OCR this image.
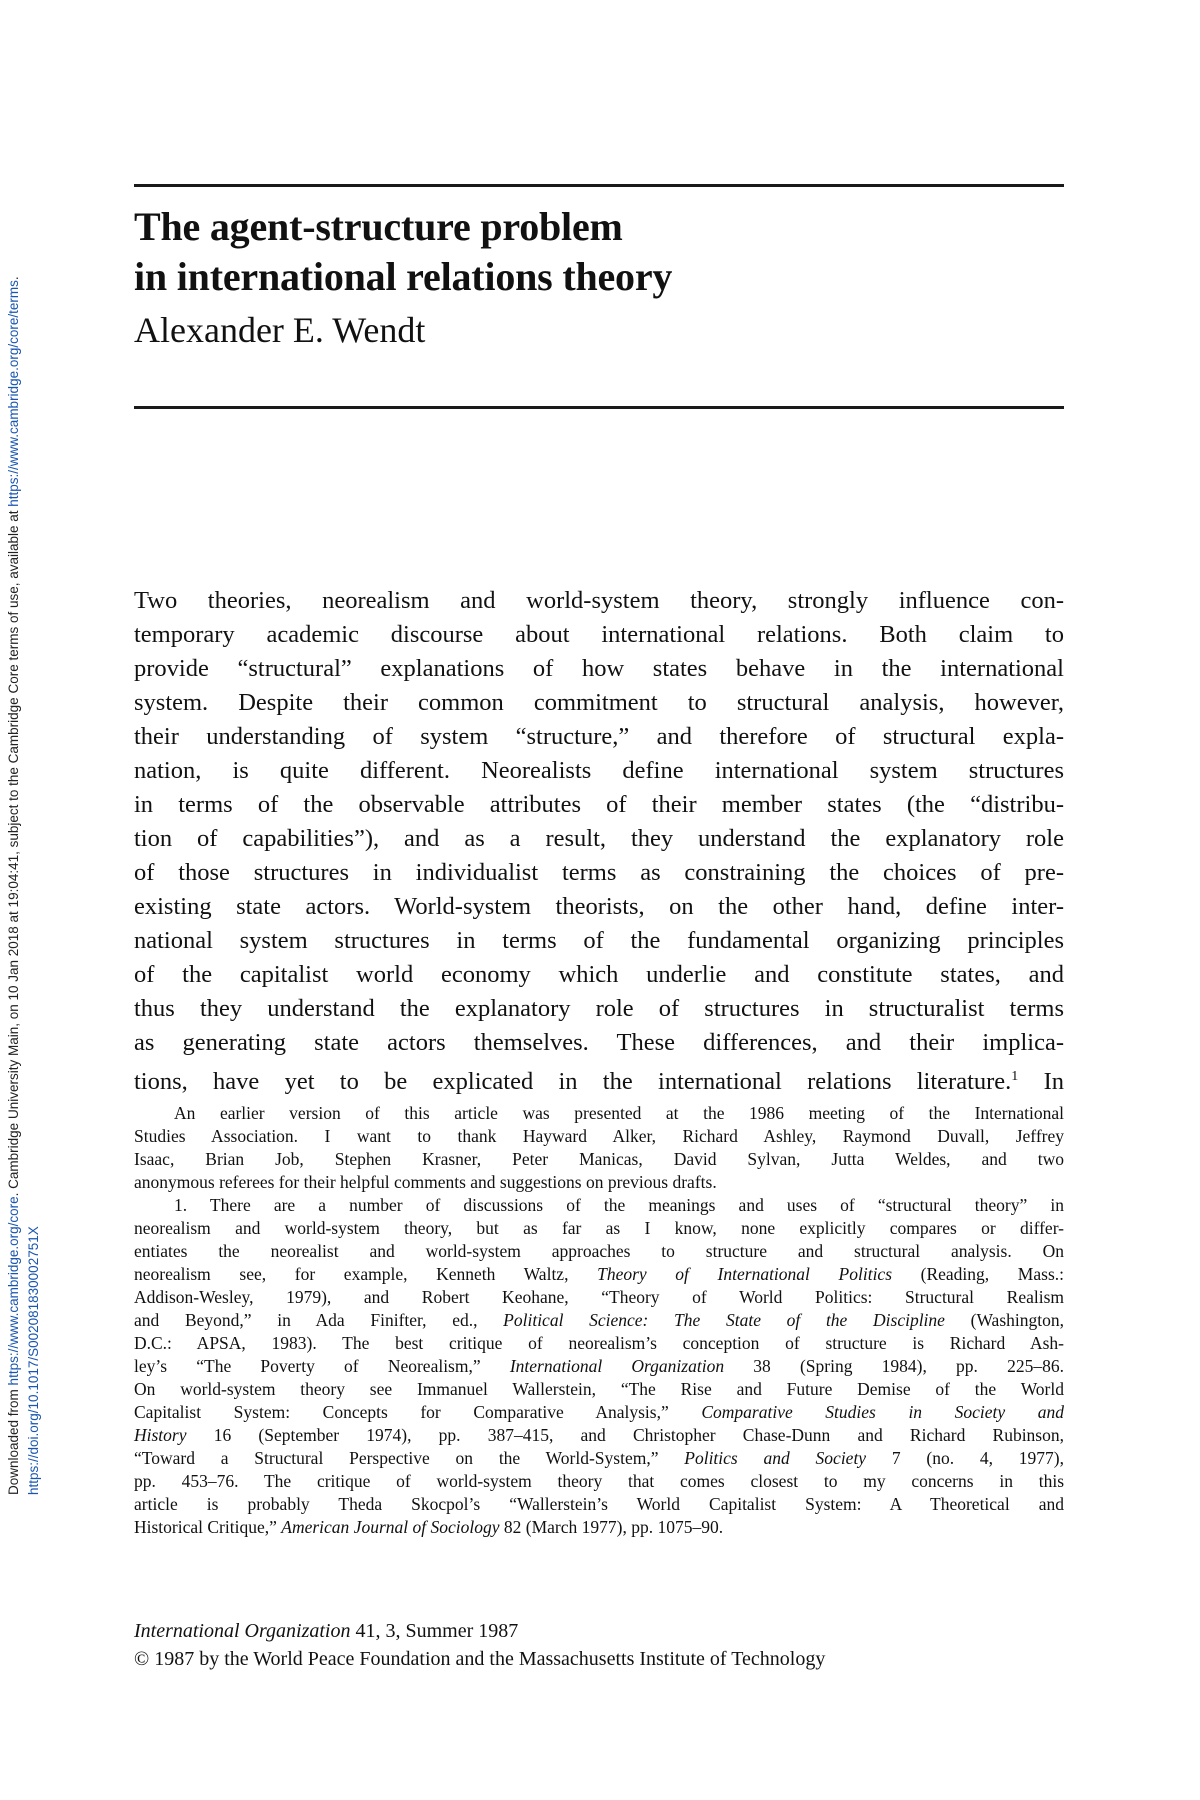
The agent-structure problem
in international relations theory
Alexander E. Wendt
Two theories, neorealism and world-system theory, strongly influence con-
temporary academic discourse about international relations. Both claim to
provide “structural” explanations of how states behave in the international
system. Despite their common commitment to structural analysis, however,
their understanding of system “structure,” and therefore of structural expla-
nation, is quite different. Neorealists define international system structures
in terms of the observable attributes of their member states (the “distribu-
tion of capabilities”), and as a result, they understand the explanatory role
of those structures in individualist terms as constraining the choices of pre-
existing state actors. World-system theorists, on the other hand, define inter-
national system structures in terms of the fundamental organizing principles
of the capitalist world economy which underlie and constitute states, and
thus they understand the explanatory role of structures in structuralist terms
as generating state actors themselves. These differences, and their implica-
tions, have yet to be explicated in the international relations literature.$^1$ In
An earlier version of this article was presented at the 1986 meeting of the International
Studies Association. I want to thank Hayward Alker, Richard Ashley, Raymond Duvall, Jeffrey
Isaac, Brian Job, Stephen Krasner, Peter Manicas, David Sylvan, Jutta Weldes, and two
anonymous referees for their helpful comments and suggestions on previous drafts.
1. There are a number of discussions of the meanings and uses of “structural theory” in
neorealism and world-system theory, but as far as I know, none explicitly compares or differ-
entiates the neorealist and world-system approaches to structure and structural analysis. On
neorealism see, for example, Kenneth Waltz, Theory of International Politics (Reading, Mass.:
Addison-Wesley, 1979), and Robert Keohane, “Theory of World Politics: Structural Realism
and Beyond,” in Ada Finifter, ed., Political Science: The State of the Discipline (Washington,
D.C.: APSA, 1983). The best critique of neorealism’s conception of structure is Richard Ash-
ley’s “The Poverty of Neorealism,” International Organization 38 (Spring 1984), pp. 225–86.
On world-system theory see Immanuel Wallerstein, “The Rise and Future Demise of the World
Capitalist System: Concepts for Comparative Analysis,” Comparative Studies in Society and
History 16 (September 1974), pp. 387–415, and Christopher Chase-Dunn and Richard Rubinson,
“Toward a Structural Perspective on the World-System,” Politics and Society 7 (no. 4, 1977),
pp. 453–76. The critique of world-system theory that comes closest to my concerns in this
article is probably Theda Skocpol’s “Wallerstein’s World Capitalist System: A Theoretical and
Historical Critique,” American Journal of Sociology 82 (March 1977), pp. 1075–90.
International Organization 41, 3, Summer 1987
© 1987 by the World Peace Foundation and the Massachusetts Institute of Technology
Downloaded from https://www.cambridge.org/core. Cambridge University Main, on 10 Jan 2018 at 19:04:41, subject to the Cambridge Core terms of use, available at https://www.cambridge.org/core/terms.
https://doi.org/10.1017/S002081830002751X
